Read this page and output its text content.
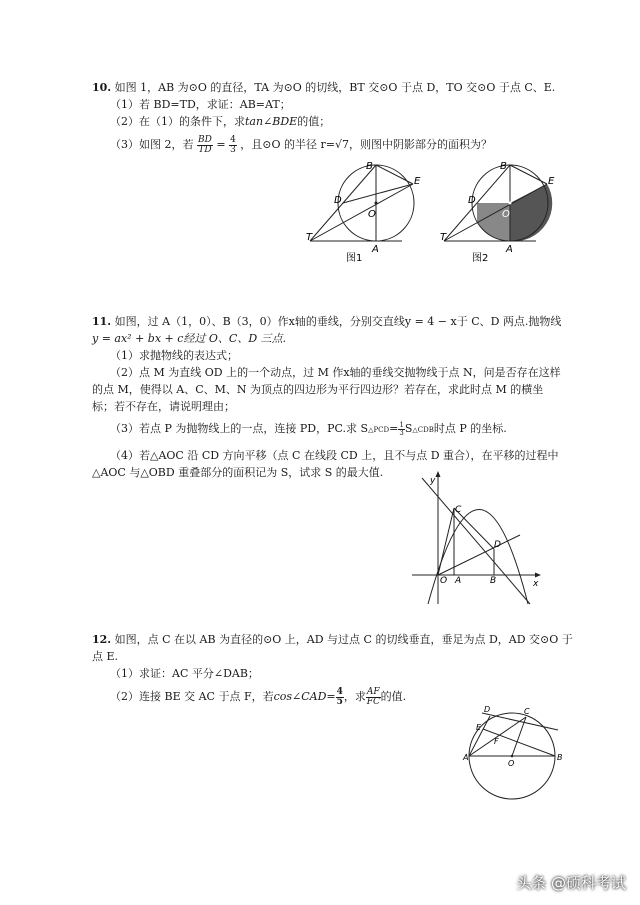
10. 如图 1，AB 为⊙O 的直径，TA 为⊙O 的切线，BT 交⊙O 于点 D，TO 交⊙O 于点 C、E.
（1）若 BD=TD，求证：AB=AT；
（2）在（1）的条件下，求tan∠BDE的值；
（3）如图 2，若 $\frac{BD}{TD} = \frac{4}{3}$ ，且⊙O 的半径 r=√7，则图中阴影部分的面积为？
B
E
D
O
T
A
图1
B
E
D
O
T
A
图2
11. 如图，过 A（1，0）、B（3，0）作x轴的垂线，分别交直线y = 4 − x于 C、D 两点.抛物线
y = ax² + bx + c经过 O、C、D 三点.
（1）求抛物线的表达式；
（2）点 M 为直线 OD 上的一个动点，过 M 作x轴的垂线交抛物线于点 N，问是否存在这样
的点 M，使得以 A、C、M、N 为顶点的四边形为平行四边形？若存在，求此时点 M 的横坐
标；若不存在，请说明理由；
（3）若点 P 为抛物线上的一点，连接 PD，PC.求 S△PCD= $\frac{1}{3}$ S△CDB时点 P 的坐标.
（4）若△AOC 沿 CD 方向平移（点 C 在线段 CD 上，且不与点 D 重合），在平移的过程中
△AOC 与△OBD 重叠部分的面积记为 S，试求 S 的最大值.
y
x
C
D
O A	B
12. 如图，点 C 在以 AB 为直径的⊙O 上，AD 与过点 C 的切线垂直，垂足为点 D，AD 交⊙O 于
点 E.
（1）求证：AC 平分∠DAB；
（2）连接 BE 交 AC 于点 F，若cos∠CAD= $\frac{4}{5}$ ，求 $\frac{AF}{FC}$ 的值.
D	C
E
F
A
O
B
头条 @硕科考试
